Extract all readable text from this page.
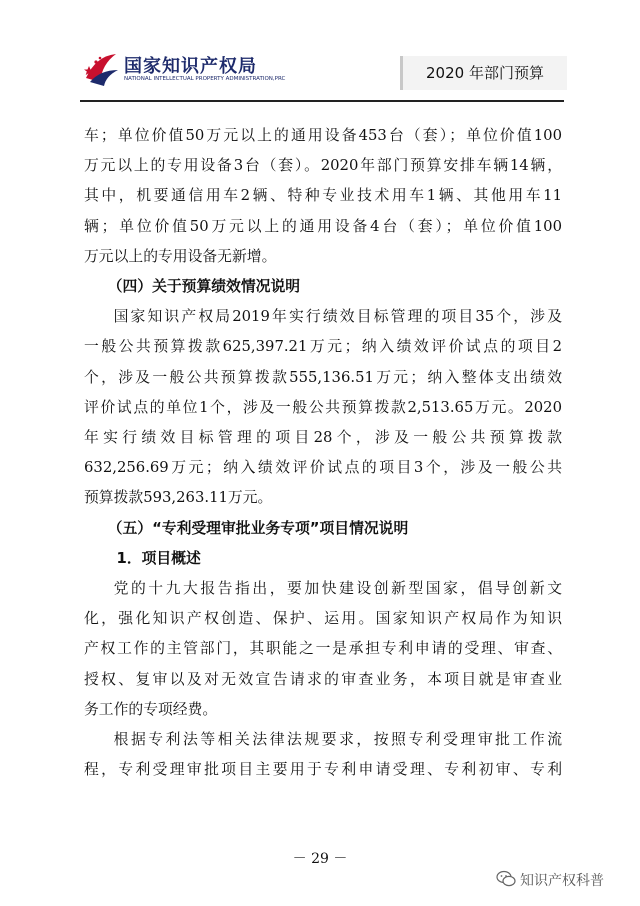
国家知识产权局
NATIONAL INTELLECTUAL PROPERTY ADMINISTRATION,PRC	2020 年部门预算

车；单位价值50万元以上的通用设备453台（套）；单位价值100

万元以上的专用设备3台（套）。2020年部门预算安排车辆14辆，

其中，机要通信用车2辆、特种专业技术用车1辆、其他用车11

辆；单位价值50万元以上的通用设备4台（套）；单位价值100

万元以上的专用设备无新增。

（四）关于预算绩效情况说明

国家知识产权局2019年实行绩效目标管理的项目35个，涉及

一般公共预算拨款625,397.21万元；纳入绩效评价试点的项目2

个，涉及一般公共预算拨款555,136.51万元；纳入整体支出绩效

评价试点的单位1个，涉及一般公共预算拨款2,513.65万元。2020

年实行绩效目标管理的项目28个，涉及一般公共预算拨款

632,256.69万元；纳入绩效评价试点的项目3个，涉及一般公共

预算拨款593,263.11万元。

（五）“专利受理审批业务专项”项目情况说明

1．项目概述

党的十九大报告指出，要加快建设创新型国家，倡导创新文

化，强化知识产权创造、保护、运用。国家知识产权局作为知识

产权工作的主管部门，其职能之一是承担专利申请的受理、审查、

授权、复审以及对无效宣告请求的审查业务，本项目就是审查业

务工作的专项经费。

根据专利法等相关法律法规要求，按照专利受理审批工作流

程，专利受理审批项目主要用于专利申请受理、专利初审、专利

－ 29 －
知识产权科普
